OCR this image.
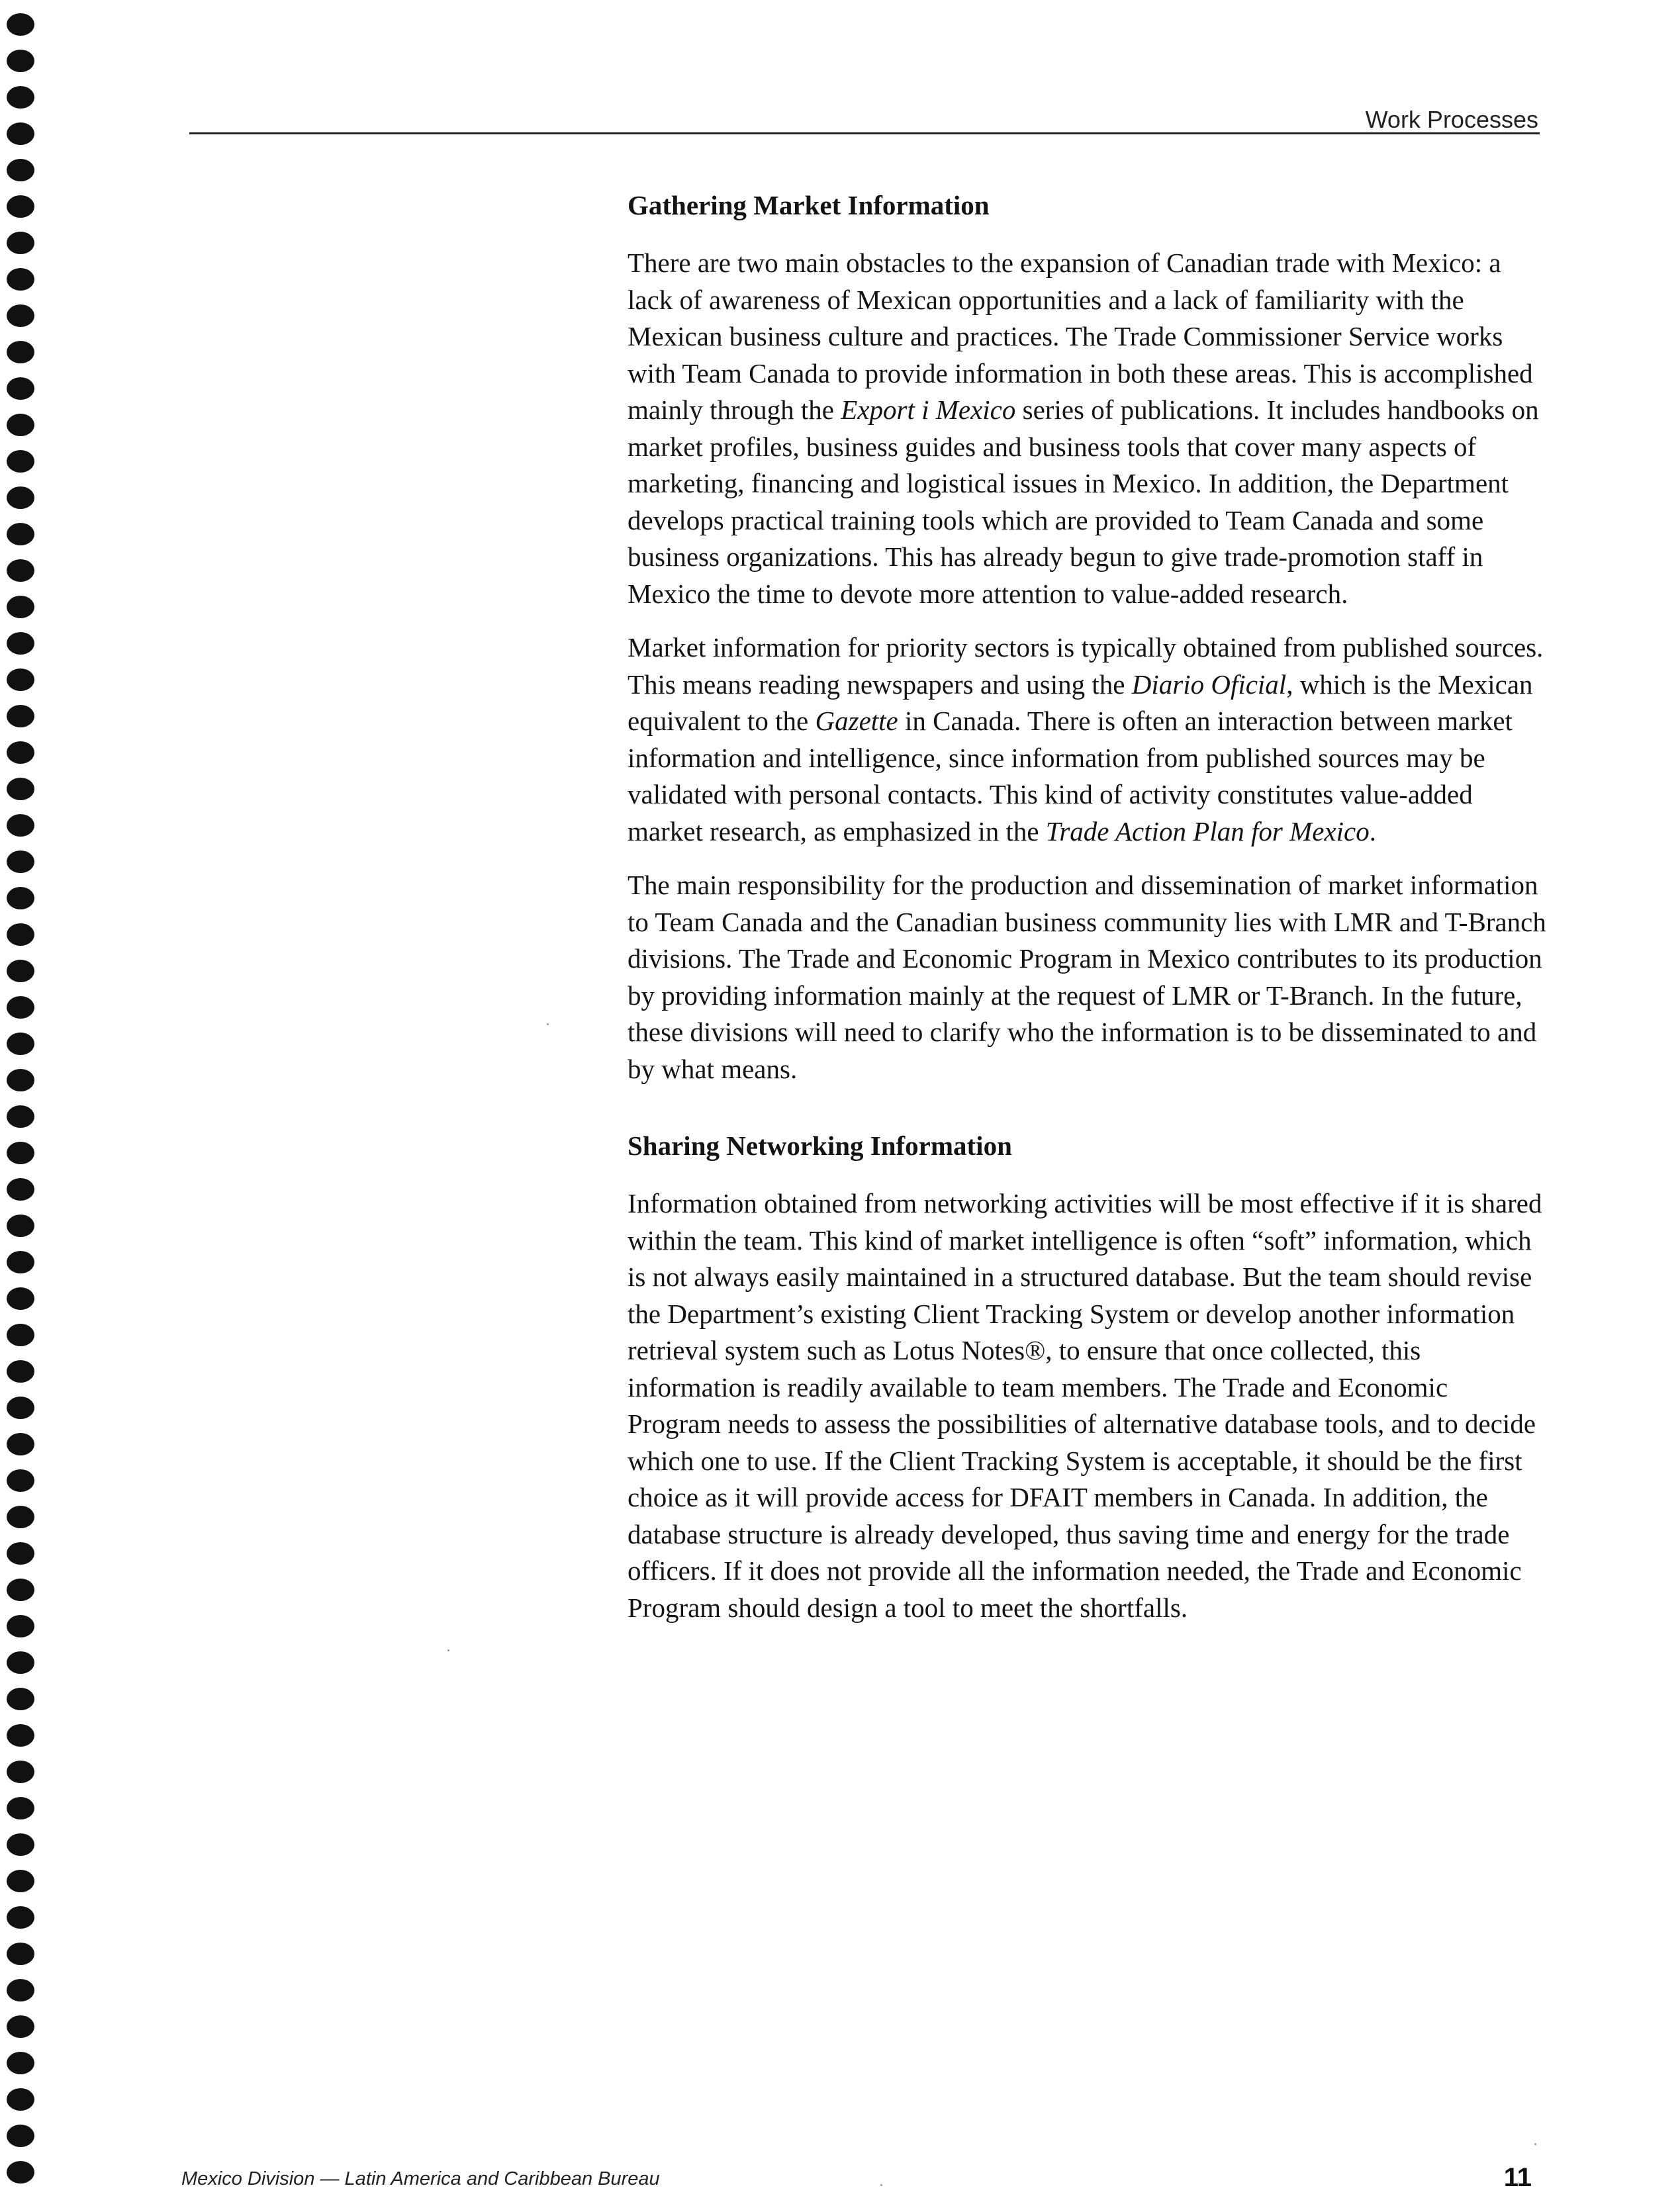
Work Processes
Gathering Market Information

There are two main obstacles to the expansion of Canadian trade with Mexico: a lack of awareness of Mexican opportunities and a lack of familiarity with the Mexican business culture and practices. The Trade Commissioner Service works with Team Canada to provide information in both these areas. This is accomplished mainly through the Export i Mexico series of publications. It includes handbooks on market profiles, business guides and business tools that cover many aspects of marketing, financing and logistical issues in Mexico. In addition, the Department develops practical training tools which are provided to Team Canada and some business organizations. This has already begun to give trade-promotion staff in Mexico the time to devote more attention to value-added research.

Market information for priority sectors is typically obtained from published sources. This means reading newspapers and using the Diario Oficial, which is the Mexican equivalent to the Gazette in Canada. There is often an interaction between market information and intelligence, since information from published sources may be validated with personal contacts. This kind of activity constitutes value-added market research, as emphasized in the Trade Action Plan for Mexico.

The main responsibility for the production and dissemination of market information to Team Canada and the Canadian business community lies with LMR and T-Branch divisions. The Trade and Economic Program in Mexico contributes to its production by providing information mainly at the request of LMR or T-Branch. In the future, these divisions will need to clarify who the information is to be disseminated to and by what means.

Sharing Networking Information

Information obtained from networking activities will be most effective if it is shared within the team. This kind of market intelligence is often “soft” information, which is not always easily maintained in a structured database. But the team should revise the Department’s existing Client Tracking System or develop another information retrieval system such as Lotus Notes®, to ensure that once collected, this information is readily available to team members. The Trade and Economic Program needs to assess the possibilities of alternative database tools, and to decide which one to use. If the Client Tracking System is acceptable, it should be the first choice as it will provide access for DFAIT members in Canada. In addition, the database structure is already developed, thus saving time and energy for the trade officers. If it does not provide all the information needed, the Trade and Economic Program should design a tool to meet the shortfalls.

Mexico Division — Latin America and Caribbean Bureau	11
